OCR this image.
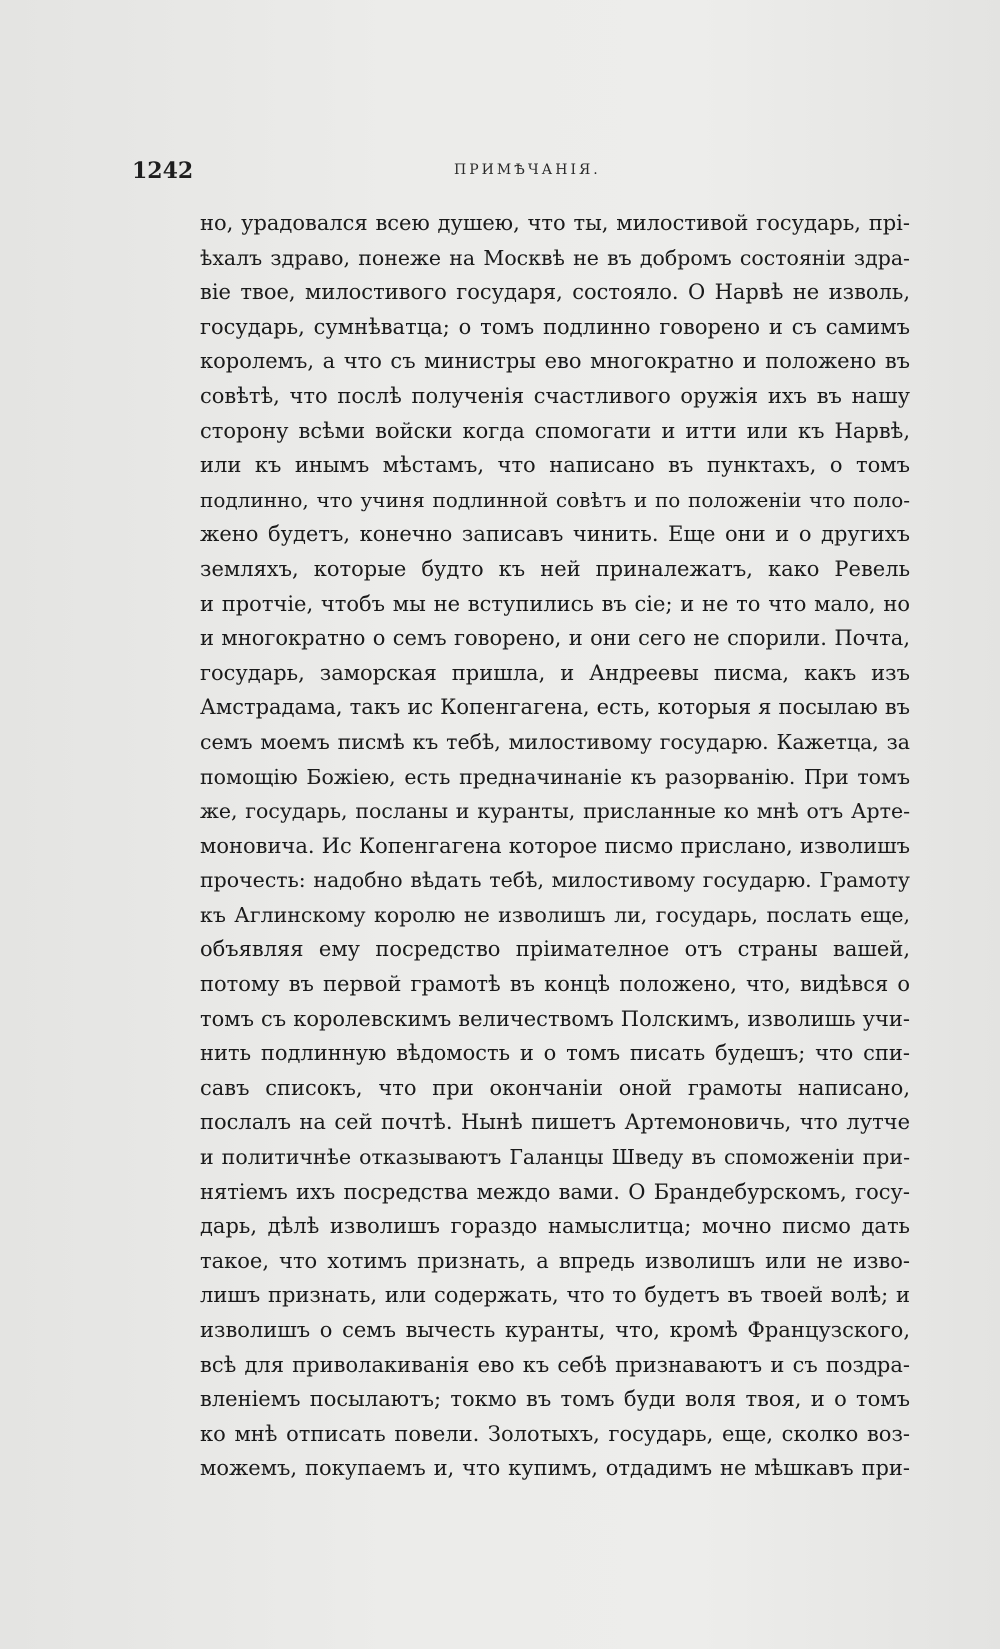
1242	ПРИМѢЧАНІЯ.
но, урадовался всею душею, что ты, милостивой государь, прі-
ѣхалъ здраво, понеже на Москвѣ не въ добромъ состояніи здра-
віе твое, милостивого государя, состояло. О Нарвѣ не изволь,
государь, сумнѣватца; о томъ подлинно говорено и съ самимъ
королемъ, а что съ министры ево многократно и положено въ
совѣтѣ, что послѣ полученія счастливого оружія ихъ въ нашу
сторону всѣми войски когда спомогати и итти или къ Нарвѣ,
или къ инымъ мѣстамъ, что написано въ пунктахъ, о томъ
подлинно, что учиня подлинной совѣтъ и по положеніи что поло-
жено будетъ, конечно записавъ чинить. Еще они и о другихъ
земляхъ, которые будто къ ней приналежатъ, како Ревель
и протчіе, чтобъ мы не вступились въ сіе; и не то что мало, но
и многократно о семъ говорено, и они сего не спорили. Почта,
государь, заморская пришла, и Андреевы писма, какъ изъ
Амстрадама, такъ ис Копенгагена, есть, которыя я посылаю въ
семъ моемъ писмѣ къ тебѣ, милостивому государю. Кажетца, за
помощію Божіею, есть предначинаніе къ разорванію. При томъ
же, государь, посланы и куранты, присланные ко мнѣ отъ Арте-
моновича. Ис Копенгагена которое писмо прислано, изволишъ
прочесть: надобно вѣдать тебѣ, милостивому государю. Грамоту
къ Аглинскому королю не изволишъ ли, государь, послать еще,
объявляя ему посредство пріимателное отъ страны вашей,
потому въ первой грамотѣ въ концѣ положено, что, видѣвся о
томъ съ королевскимъ величествомъ Полскимъ, изволишь учи-
нить подлинную вѣдомость и о томъ писать будешъ; что спи-
савъ списокъ, что при окончаніи оной грамоты написано,
послалъ на сей почтѣ. Нынѣ пишетъ Артемоновичь, что лутче
и политичнѣе отказываютъ Галанцы Шведу въ споможеніи при-
нятіемъ ихъ посредства междо вами. О Брандебурскомъ, госу-
дарь, дѣлѣ изволишъ гораздо намыслитца; мочно писмо дать
такое, что хотимъ признать, а впредь изволишъ или не изво-
лишъ признать, или содержать, что то будетъ въ твоей волѣ; и
изволишъ о семъ вычесть куранты, что, кромѣ Французского,
всѣ для приволакиванія ево къ себѣ признаваютъ и съ поздра-
вленіемъ посылаютъ; токмо въ томъ буди воля твоя, и о томъ
ко мнѣ отписать повели. Золотыхъ, государь, еще, сколко воз-
можемъ, покупаемъ и, что купимъ, отдадимъ не мѣшкавъ при-
